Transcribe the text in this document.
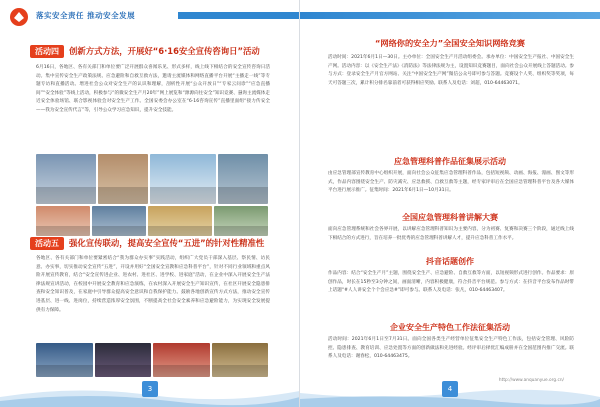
落实安全责任 推动安全发展
活动四	创新方式方法，开展好“6·16安全宣传咨询日”活动

6月16日，各地区、各有关部门和单位要广泛开展群众喜闻乐见、形式多样，线上线下相结合的安全宣传咨询日活动。集中宣传安全生产政策法规、应急避险和自救互救方法，邀请主流媒体和网络直播平台开展“主播走一线”等专题专访和直播活动。增进社会公众对安全生产的认识和理解，剖析性开展“公众开放日”“专家云问诊”“应急直播间”“安全体验”等线上活动，积极参与“的微安全生产月20年”网上展览和“源源向往安全”知识竞赛、悬询主流媒体走近安全体验场馆、联合影视体验会对安全生产工作。全国安委会办公室在“6·16咨询宣传”直播里面组“接力传安全——我为安全宣传代言”等，引导公众学习应急知识，提升安全技能。

活动五	强化宣传联动，提高安全宣传“五进”的针对性精准性

各地区、各有关部门和单位要紧密结合“我为群众办实事”实践活动，组织广大党员干部深入基层、察民情、访民意、办实事，切实推动安全宣传“五进”，开设并用好“全国安全宣教和应急科普平台”，针对不同行业领域和重点风险开展宣传教育，结合“安全宣传进企业、进农村、进社区、进学校、进家庭”活动，在企业中深入开展安全生产法律法规宣讲活动，在校园中开展安全教育和应急演练，在农村深入开展安全生产知识宣传，在社区开展安全隐患排查和安全知识普及，在家庭中引导群众提高安全意识和自我保护能力。鼓励各地创新宣传方式方法，推动安全宣传进基层、进一线、进岗位，持续营造浓厚安全氛围，不断提高全社会安全素养和应急避险能力，为实现安全发展提供有力保障。

3
“网络你的安全力”全国安全知识网络竞赛

活动时间：2021年6月1日—30日。主办单位：全国安全生产月活动组委会。承办单位：中国安全生产报社、中国安全生产网。活动内容：以《安全生产法》《消防法》等法律法规为主，设置知识竞赛题目，面向社会公众开展线上答题活动。参与方式：登录安全生产月官方网站、关注“中国安全生产网”微信公众号即可参与答题。竞赛设个人奖、组织奖等奖项，每天可答题三次，累计积分排名靠前者可获得相应奖励。联系人及电话：刘超，010-64463071。

应急管理科普作品征集展示活动

由应急管理部宣传教育中心组织开展，面向社会公众征集应急管理科普作品，包括短视频、动画、海报、漫画、图文等形式，作品内容围绕安全生产、防灾减灾、应急救援、自救互救等主题，经专家评审后在全国应急管理科普平台及各大媒体平台进行展示推广。征集时间：2021年6月1日—10月31日。

全国应急管理科普讲解大赛

面向应急管理系统和社会各界开展，以讲解应急管理科普知识为主要内容，分为初赛、复赛和决赛三个阶段，通过线上线下相结合的方式进行，旨在培养一批优秀的应急管理科普讲解人才，提升应急科普工作水平。

抖音话题创作

作品内容：结合“安全生产月”主题，围绕安全生产、应急避险、自救互救等方面，以短视频形式进行创作。作品要求：原创作品，时长在15秒至3分钟之间，画面清晰，内容积极健康，符合抖音平台规范。参与方式：在抖音平台发布作品时带上话题“#人人讲安全个个会应急#”即可参与。联系人及电话：张凡，010-64463407。

企业安全生产特色工作法征集活动

活动时间：2021年6月1日至7月31日。面向全国各类生产经营单位征集安全生产特色工作法，包括安全管理、风险防控、隐患排查、教育培训、应急处置等方面的创新做法和先进经验。经评审后择优汇编成册并在全国范围内推广交流。联系人及电话：谢春松，010-64463475。

http://www.anquanyue.org.cn/
4
